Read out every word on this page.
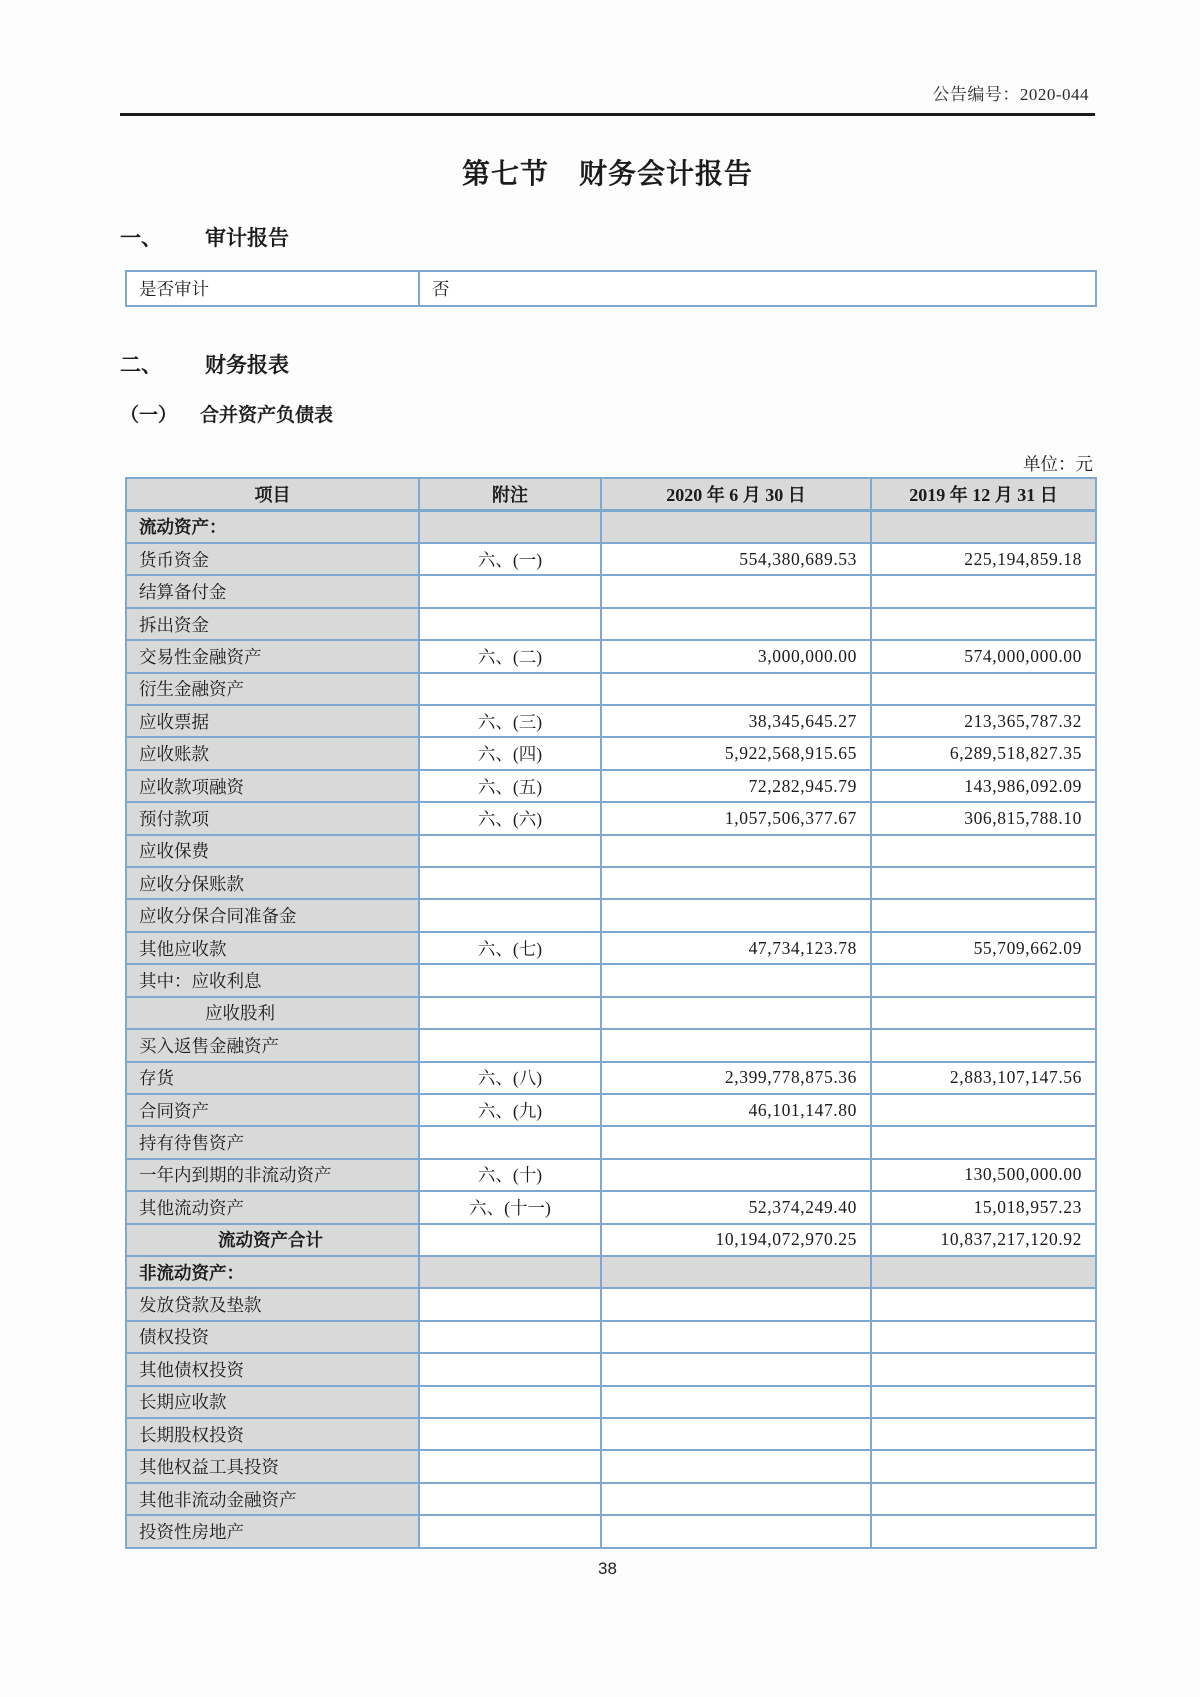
公告编号：2020-044
第七节 财务会计报告
一、 审计报告
是否审计	否
二、 财务报表
（一） 合并资产负债表
单位：元
项目	附注	2020 年 6 月 30 日	2019 年 12 月 31 日
流动资产：			
货币资金	六、(一)	554,380,689.53	225,194,859.18
结算备付金			
拆出资金			
交易性金融资产	六、(二)	3,000,000.00	574,000,000.00
衍生金融资产			
应收票据	六、(三)	38,345,645.27	213,365,787.32
应收账款	六、(四)	5,922,568,915.65	6,289,518,827.35
应收款项融资	六、(五)	72,282,945.79	143,986,092.09
预付款项	六、(六)	1,057,506,377.67	306,815,788.10
应收保费			
应收分保账款			
应收分保合同准备金			
其他应收款	六、(七)	47,734,123.78	55,709,662.09
其中：应收利息			
应收股利			
买入返售金融资产			
存货	六、(八)	2,399,778,875.36	2,883,107,147.56
合同资产	六、(九)	46,101,147.80	
持有待售资产			
一年内到期的非流动资产	六、(十)		130,500,000.00
其他流动资产	六、(十一)	52,374,249.40	15,018,957.23
流动资产合计		10,194,072,970.25	10,837,217,120.92
非流动资产：			
发放贷款及垫款			
债权投资			
其他债权投资			
长期应收款			
长期股权投资			
其他权益工具投资			
其他非流动金融资产			
投资性房地产			
38
